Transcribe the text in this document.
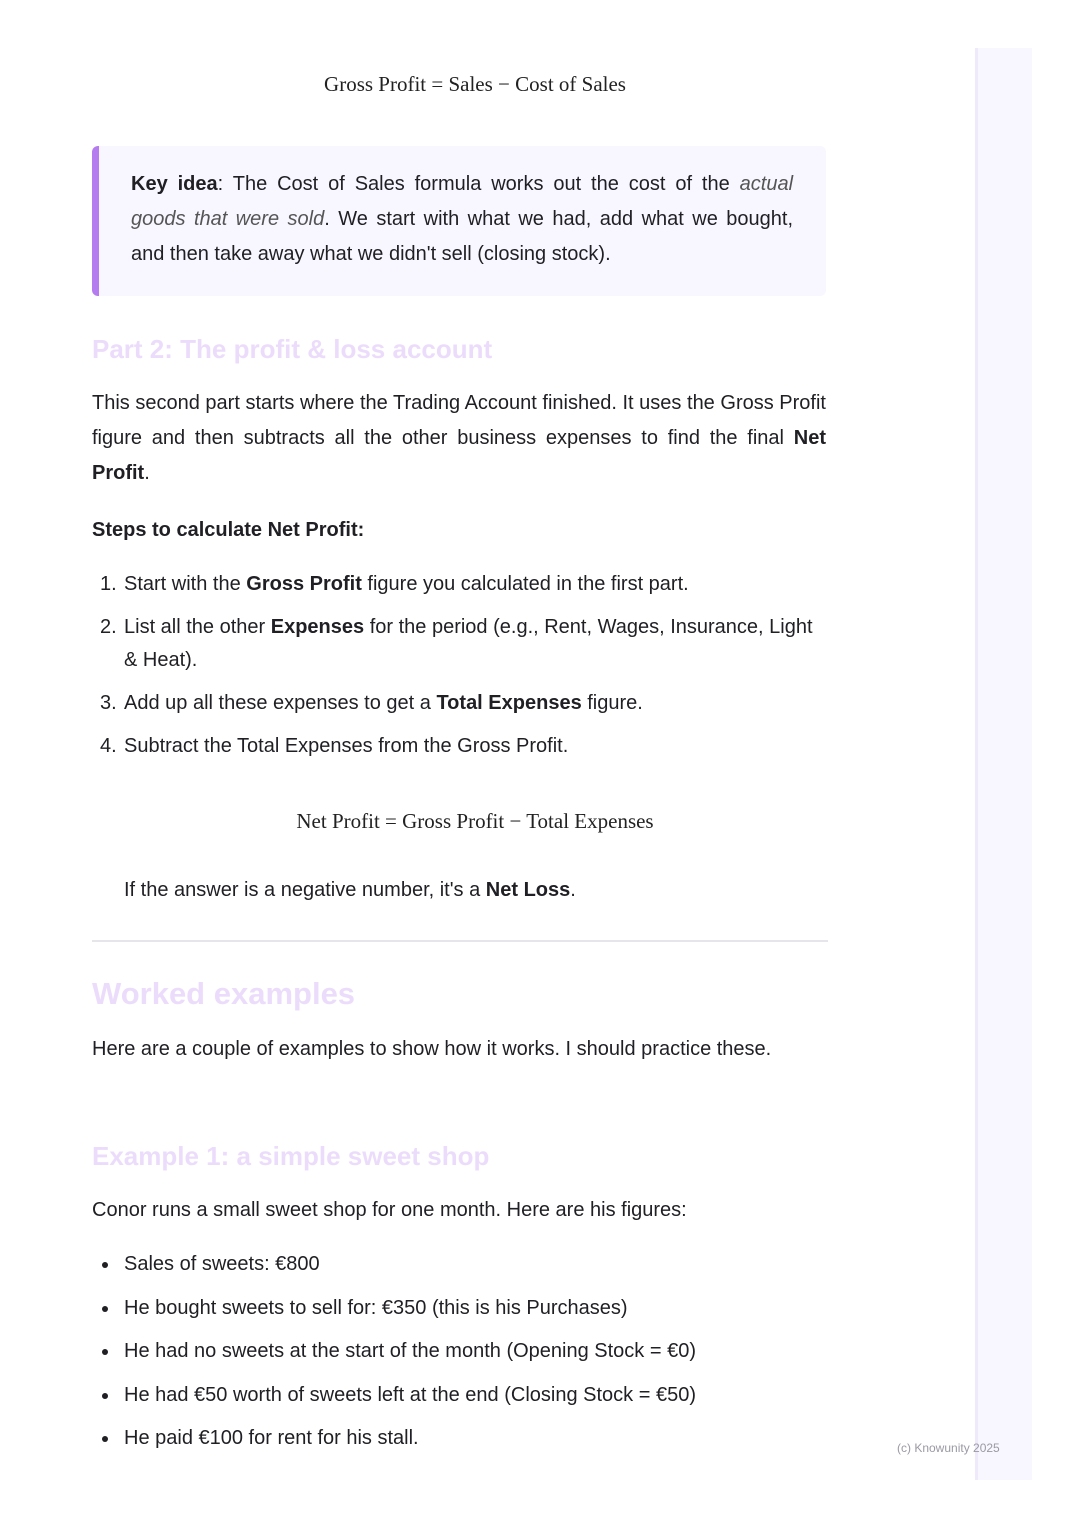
Gross Profit = Sales − Cost of Sales

Key idea: The Cost of Sales formula works out the cost of the actual goods that were sold. We start with what we had, add what we bought, and then take away what we didn't sell (closing stock).

Part 2: The profit & loss account

This second part starts where the Trading Account finished. It uses the Gross Profit figure and then subtracts all the other business expenses to find the final Net Profit.

Steps to calculate Net Profit:

1. Start with the Gross Profit figure you calculated in the first part.
2. List all the other Expenses for the period (e.g., Rent, Wages, Insurance, Light & Heat).
3. Add up all these expenses to get a Total Expenses figure.
4. Subtract the Total Expenses from the Gross Profit.
Net Profit = Gross Profit − Total Expenses

If the answer is a negative number, it's a Net Loss.

Worked examples

Here are a couple of examples to show how it works. I should practice these.

Example 1: a simple sweet shop

Conor runs a small sweet shop for one month. Here are his figures:

Sales of sweets: €800
He bought sweets to sell for: €350 (this is his Purchases)
He had no sweets at the start of the month (Opening Stock = €0)
He had €50 worth of sweets left at the end (Closing Stock = €50)
He paid €100 for rent for his stall.	(c) Knowunity 2025
